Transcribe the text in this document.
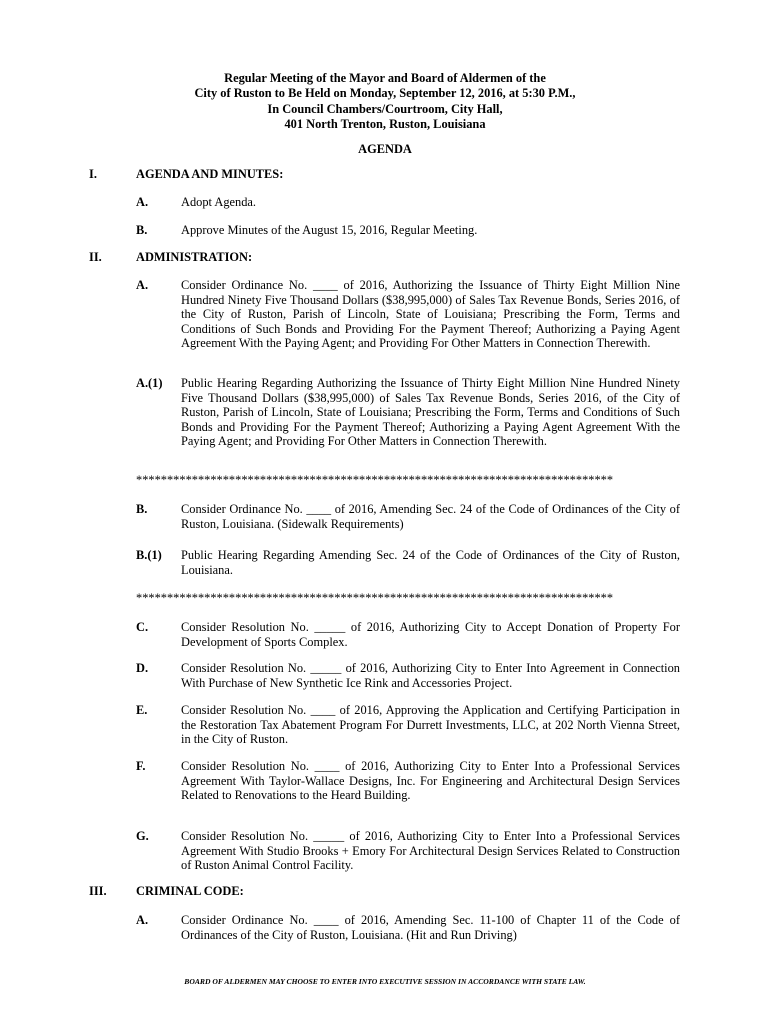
Regular Meeting of the Mayor and Board of Aldermen of the
City of Ruston to Be Held on Monday, September 12, 2016, at 5:30 P.M.,
In Council Chambers/Courtroom, City Hall,
401 North Trenton, Ruston, Louisiana
AGENDA
I.	AGENDA AND MINUTES:
A.	Adopt Agenda.
B.	Approve Minutes of the August 15, 2016, Regular Meeting.
II.	ADMINISTRATION:
A.	Consider Ordinance No. ____ of 2016, Authorizing the Issuance of Thirty Eight Million Nine Hundred Ninety Five Thousand Dollars ($38,995,000) of Sales Tax Revenue Bonds, Series 2016, of the City of Ruston, Parish of Lincoln, State of Louisiana; Prescribing the Form, Terms and Conditions of Such Bonds and Providing For the Payment Thereof; Authorizing a Paying Agent Agreement With the Paying Agent; and Providing For Other Matters in Connection Therewith.
A.(1) Public Hearing Regarding Authorizing the Issuance of Thirty Eight Million Nine Hundred Ninety Five Thousand Dollars ($38,995,000) of Sales Tax Revenue Bonds, Series 2016, of the City of Ruston, Parish of Lincoln, State of Louisiana; Prescribing the Form, Terms and Conditions of Such Bonds and Providing For the Payment Thereof; Authorizing a Paying Agent Agreement With the Paying Agent; and Providing For Other Matters in Connection Therewith.
*****************************************************************************
B.	Consider Ordinance No. ____ of 2016, Amending Sec. 24 of the Code of Ordinances of the City of Ruston, Louisiana. (Sidewalk Requirements)
B.(1) Public Hearing Regarding Amending Sec. 24 of the Code of Ordinances of the City of Ruston, Louisiana.
*****************************************************************************
C.	Consider Resolution No. _____ of 2016, Authorizing City to Accept Donation of Property For Development of Sports Complex.
D.	Consider Resolution No. _____ of 2016, Authorizing City to Enter Into Agreement in Connection With Purchase of New Synthetic Ice Rink and Accessories Project.
E.	Consider Resolution No. ____ of 2016, Approving the Application and Certifying Participation in the Restoration Tax Abatement Program For Durrett Investments, LLC, at 202 North Vienna Street, in the City of Ruston.
F.	Consider Resolution No. ____ of 2016, Authorizing City to Enter Into a Professional Services Agreement With Taylor-Wallace Designs, Inc. For Engineering and Architectural Design Services Related to Renovations to the Heard Building.
G.	Consider Resolution No. _____ of 2016, Authorizing City to Enter Into a Professional Services Agreement With Studio Brooks + Emory For Architectural Design Services Related to Construction of Ruston Animal Control Facility.
III. CRIMINAL CODE:
A.	Consider Ordinance No. ____ of 2016, Amending Sec. 11-100 of Chapter 11 of the Code of Ordinances of the City of Ruston, Louisiana. (Hit and Run Driving)
BOARD OF ALDERMEN MAY CHOOSE TO ENTER INTO EXECUTIVE SESSION IN ACCORDANCE WITH STATE LAW.
